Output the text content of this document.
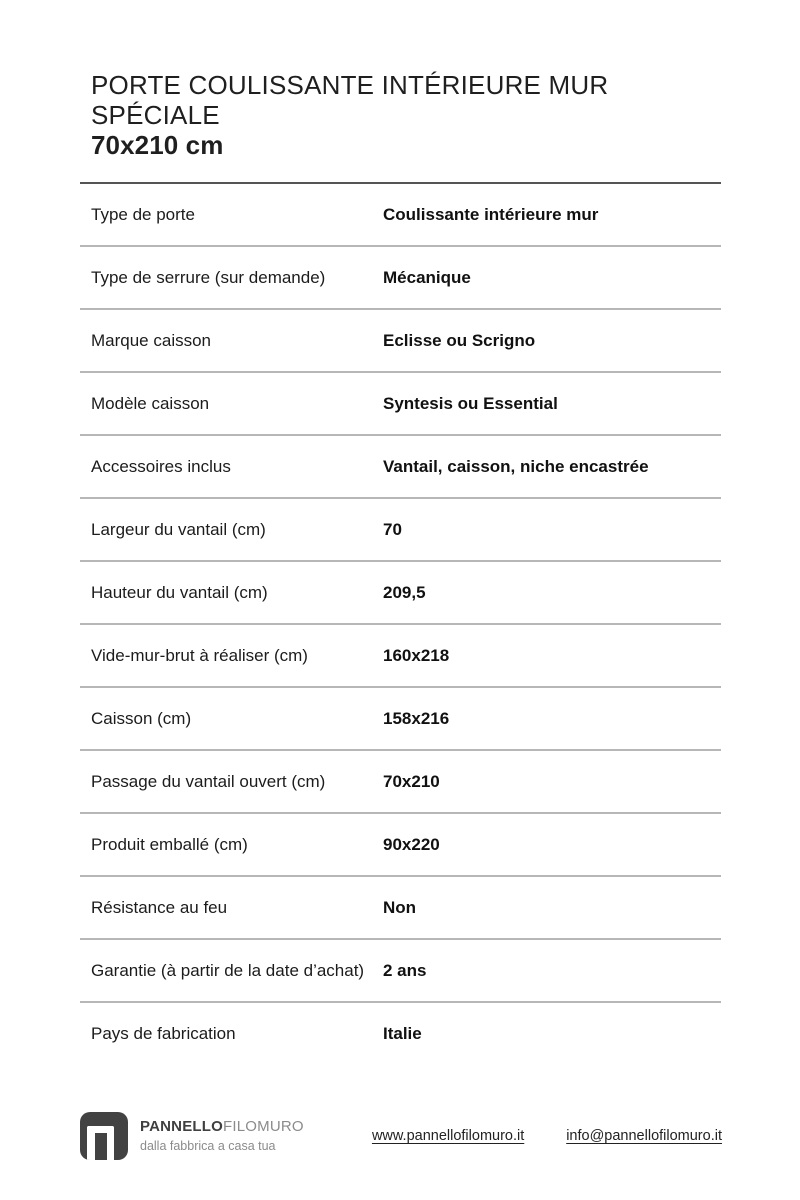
PORTE COULISSANTE INTÉRIEURE MUR SPÉCIALE
70x210 cm
Type de porte	Coulissante intérieure mur
Type de serrure (sur demande)	Mécanique
Marque caisson	Eclisse ou Scrigno
Modèle caisson	Syntesis ou Essential
Accessoires inclus	Vantail, caisson, niche encastrée
Largeur du vantail (cm)	70
Hauteur du vantail (cm)	209,5
Vide-mur-brut à réaliser (cm)	160x218
Caisson (cm)	158x216
Passage du vantail ouvert (cm)	70x210
Produit emballé (cm)	90x220
Résistance au feu	Non
Garantie (à partir de la date d’achat)	2 ans
Pays de fabrication	Italie
PANNELLOFILOMURO
dalla fabbrica a casa tua
www.pannellofilomuro.it	info@pannellofilomuro.it
